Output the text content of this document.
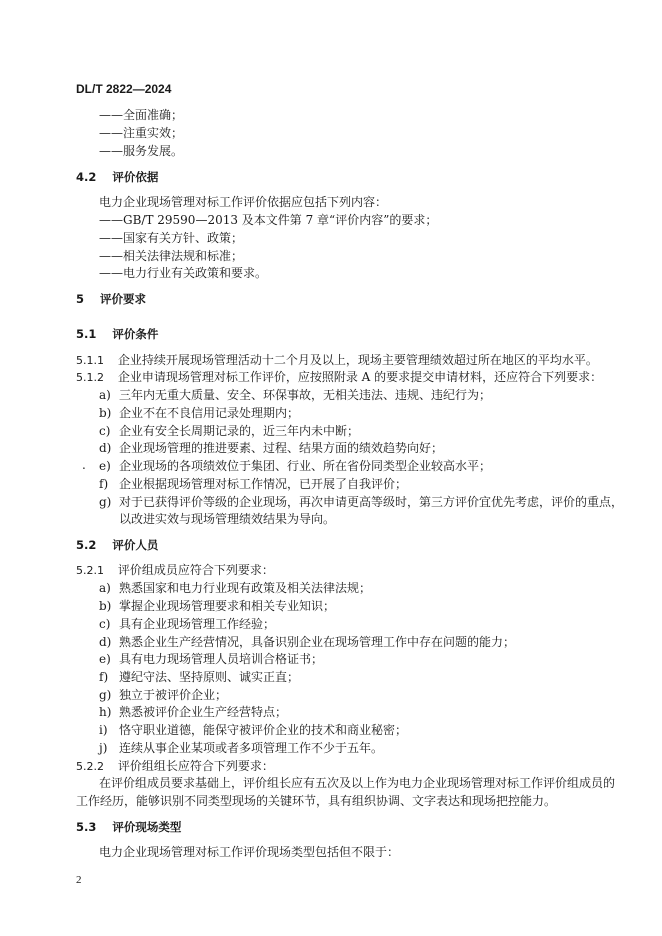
DL/T 2822—2024
——全面准确；
——注重实效；
——服务发展。
4.2 评价依据
电力企业现场管理对标工作评价依据应包括下列内容：
——GB/T 29590—2013 及本文件第 7 章“评价内容”的要求；
——国家有关方针、政策；
——相关法律法规和标准；
——电力行业有关政策和要求。
5 评价要求
5.1 评价条件
5.1.1 企业持续开展现场管理活动十二个月及以上，现场主要管理绩效超过所在地区的平均水平。
5.1.2 企业申请现场管理对标工作评价，应按照附录 A 的要求提交申请材料，还应符合下列要求：
a) 三年内无重大质量、安全、环保事故，无相关违法、违规、违纪行为；
b) 企业不在不良信用记录处理期内；
c) 企业有安全长周期记录的，近三年内未中断；
d) 企业现场管理的推进要素、过程、结果方面的绩效趋势向好；
. e) 企业现场的各项绩效位于集团、行业、所在省份同类型企业较高水平；
f) 企业根据现场管理对标工作情况，已开展了自我评价；
g) 对于已获得评价等级的企业现场，再次申请更高等级时，第三方评价宜优先考虑，评价的重点，
以改进实效与现场管理绩效结果为导向。
5.2 评价人员
5.2.1 评价组成员应符合下列要求：
a) 熟悉国家和电力行业现有政策及相关法律法规；
b) 掌握企业现场管理要求和相关专业知识；
c) 具有企业现场管理工作经验；
d) 熟悉企业生产经营情况，具备识别企业在现场管理工作中存在问题的能力；
e) 具有电力现场管理人员培训合格证书；
f) 遵纪守法、坚持原则、诚实正直；
g) 独立于被评价企业；
h) 熟悉被评价企业生产经营特点；
i) 恪守职业道德，能保守被评价企业的技术和商业秘密；
j) 连续从事企业某项或者多项管理工作不少于五年。
5.2.2 评价组组长应符合下列要求：
在评价组成员要求基础上，评价组长应有五次及以上作为电力企业现场管理对标工作评价组成员的
工作经历，能够识别不同类型现场的关键环节，具有组织协调、文字表达和现场把控能力。
5.3 评价现场类型
电力企业现场管理对标工作评价现场类型包括但不限于：
2
